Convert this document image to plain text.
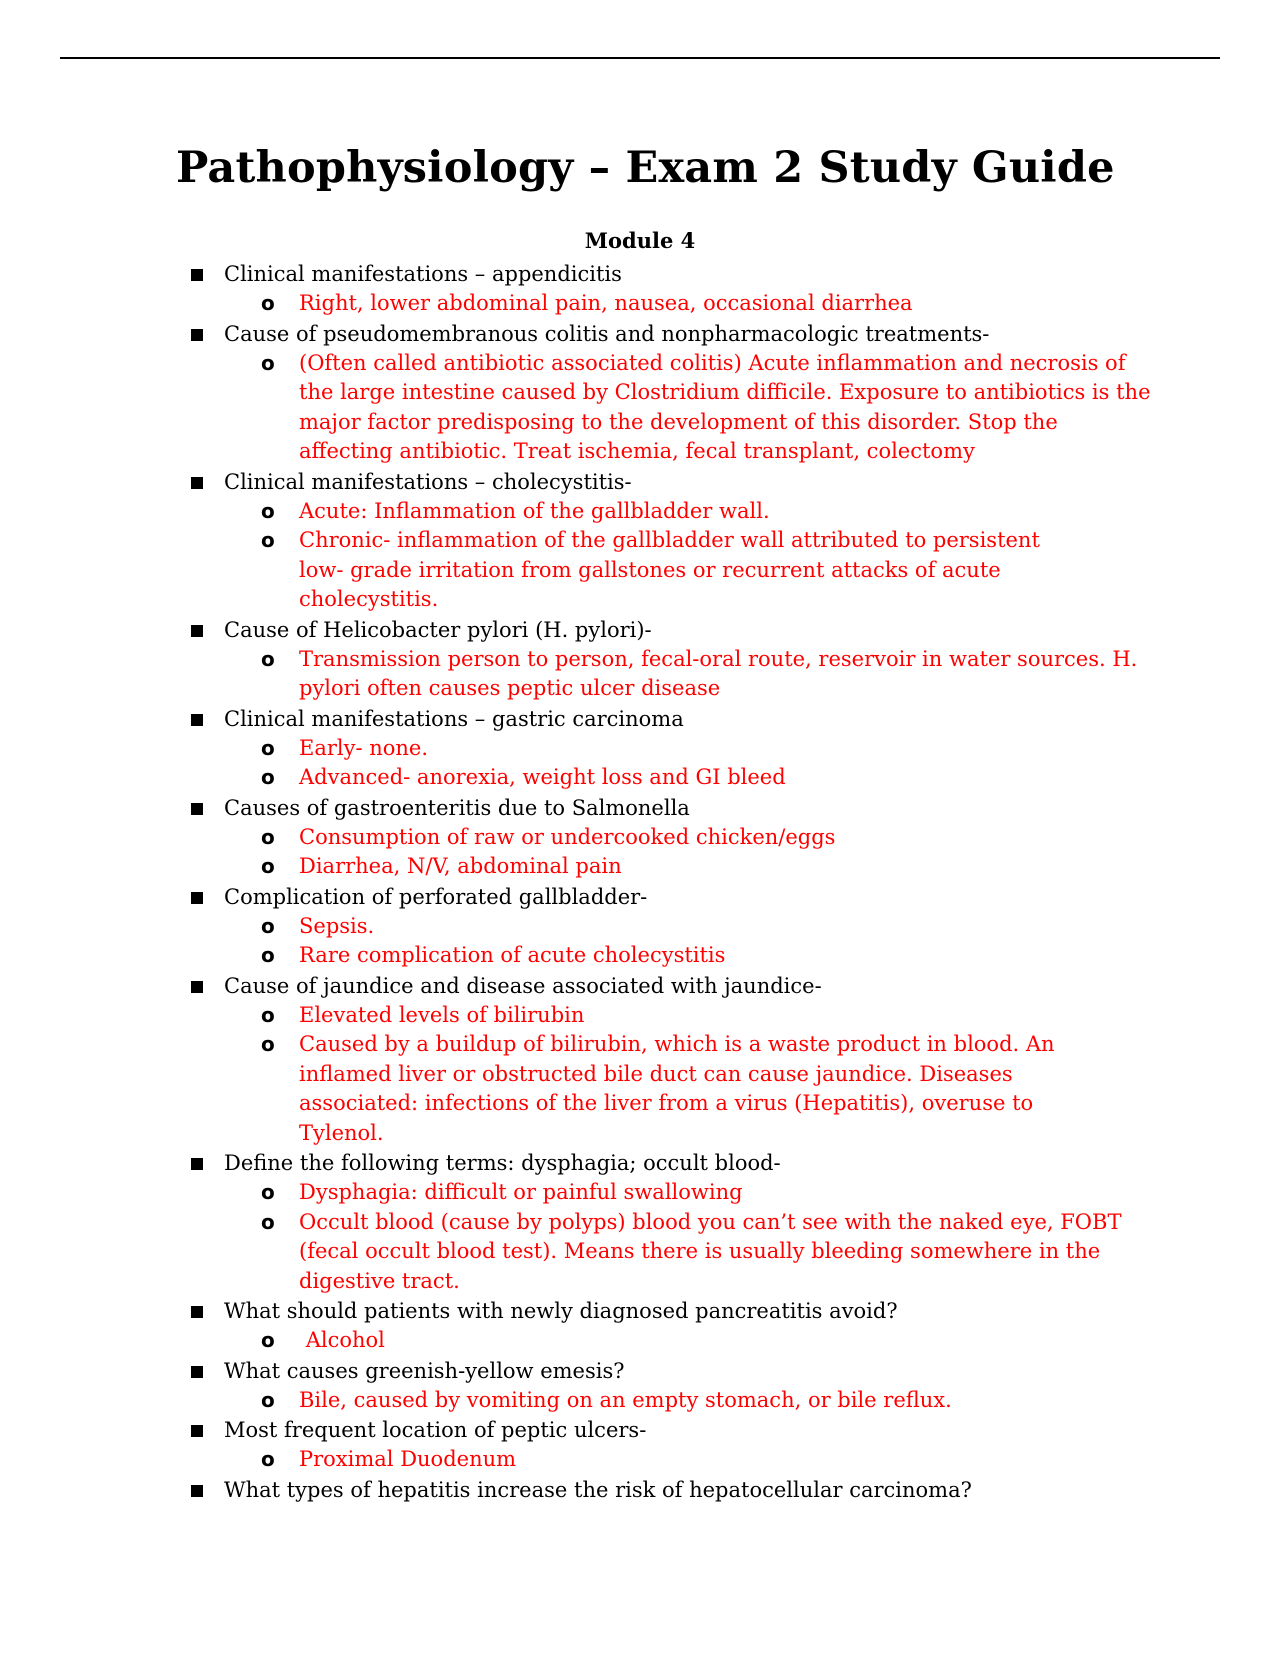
Pathophysiology – Exam 2 Study Guide
Module 4
Clinical manifestations – appendicitis
o Right, lower abdominal pain, nausea, occasional diarrhea
Cause of pseudomembranous colitis and nonpharmacologic treatments-
o (Often called antibiotic associated colitis) Acute inflammation and necrosis of the large intestine caused by Clostridium difficile. Exposure to antibiotics is the major factor predisposing to the development of this disorder. Stop the affecting antibiotic. Treat ischemia, fecal transplant, colectomy
Clinical manifestations – cholecystitis-
o Acute: Inflammation of the gallbladder wall.
o Chronic- inflammation of the gallbladder wall attributed to persistent low- grade irritation from gallstones or recurrent attacks of acute cholecystitis.
Cause of Helicobacter pylori (H. pylori)-
o Transmission person to person, fecal-oral route, reservoir in water sources. H. pylori often causes peptic ulcer disease
Clinical manifestations – gastric carcinoma
o Early- none.
o Advanced- anorexia, weight loss and GI bleed
Causes of gastroenteritis due to Salmonella
o Consumption of raw or undercooked chicken/eggs
o Diarrhea, N/V, abdominal pain
Complication of perforated gallbladder-
o Sepsis.
o Rare complication of acute cholecystitis
Cause of jaundice and disease associated with jaundice-
o Elevated levels of bilirubin
o Caused by a buildup of bilirubin, which is a waste product in blood. An inflamed liver or obstructed bile duct can cause jaundice. Diseases associated: infections of the liver from a virus (Hepatitis), overuse to Tylenol.
Define the following terms: dysphagia; occult blood-
o Dysphagia: difficult or painful swallowing
o Occult blood (cause by polyps) blood you can’t see with the naked eye, FOBT (fecal occult blood test). Means there is usually bleeding somewhere in the digestive tract.
What should patients with newly diagnosed pancreatitis avoid?
o Alcohol
What causes greenish-yellow emesis?
o Bile, caused by vomiting on an empty stomach, or bile reflux.
Most frequent location of peptic ulcers-
o Proximal Duodenum
What types of hepatitis increase the risk of hepatocellular carcinoma?
